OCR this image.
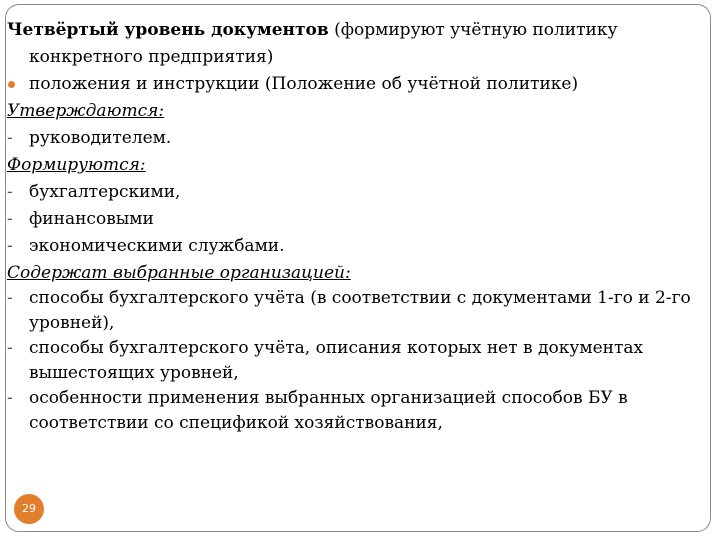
Четвёртый уровень документов (формируют учётную политику
конкретного предприятия)
положения и инструкции (Положение об учётной политике)
Утверждаются:
- руководителем.
Формируются:
- бухгалтерскими,
- финансовыми
- экономическими службами.
Содержат выбранные организацией:
- способы бухгалтерского учёта (в соответствии с документами 1-го и 2-го
уровней),
- способы бухгалтерского учёта, описания которых нет в документах
вышестоящих уровней,
- особенности применения выбранных организацией способов БУ в
соответствии со спецификой хозяйствования,
29
